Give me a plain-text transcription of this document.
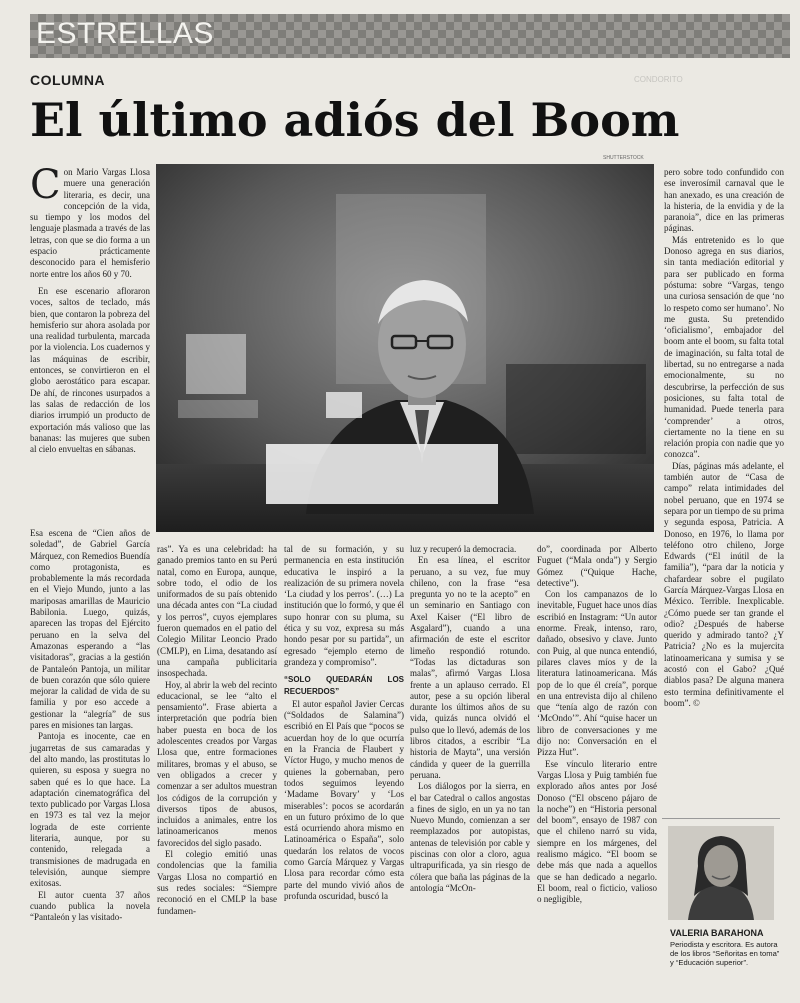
ESTRELLAS
COLUMNA
El último adiós del Boom
CONDORITO
SHUTTERSTOCK

Con Mario Vargas Llosa muere una generación literaria, es decir, una concepción de la vida, su tiempo y los modos del lenguaje plasmada a través de las letras, con que se dio forma a un espacio prácticamente desconocido para el hemisferio norte entre los años 60 y 70.

En ese escenario afloraron voces, saltos de teclado, más bien, que contaron la pobreza del hemisferio sur ahora asolada por una realidad turbulenta, marcada por la violencia. Los cuadernos y las máquinas de escribir, entonces, se convirtieron en el globo aerostático para escapar. De ahí, de rincones usurpados a las salas de redacción de los diarios irrumpió un producto de exportación más valioso que las bananas: las mujeres que suben al cielo envueltas en sábanas.

Esa escena de “Cien años de soledad”, de Gabriel García Márquez, con Remedios Buendía como protagonista, es probablemente la más recordada en el Viejo Mundo, junto a las mariposas amarillas de Mauricio Babilonia. Luego, quizás, aparecen las tropas del Ejército peruano en la selva del Amazonas esperando a “las visitadoras”, gracias a la gestión de Pantaleón Pantoja, un militar de buen corazón que sólo quiere mejorar la calidad de vida de su familia y por eso accede a gestionar la “alegría” de sus pares en misiones tan largas.

Pantoja es inocente, cae en jugarretas de sus camaradas y del alto mando, las prostitutas lo quieren, su esposa y suegra no saben qué es lo que hace. La adaptación cinematográfica del texto publicado por Vargas Llosa en 1973 es tal vez la mejor lograda de este corriente literaria, aunque, por su contenido, relegada a transmisiones de madrugada en televisión, aunque siempre exitosas.

El autor cuenta 37 años cuando publica la novela “Pantaleón y las visitado-

ras”. Ya es una celebridad: ha ganado premios tanto en su Perú natal, como en Europa, aunque, sobre todo, el odio de los uniformados de su país obtenido una década antes con “La ciudad y los perros”, cuyos ejemplares fueron quemados en el patio del Colegio Militar Leoncio Prado (CMLP), en Lima, desatando así una campaña publicitaria insospechada.

Hoy, al abrir la web del recinto educacional, se lee “alto el pensamiento”. Frase abierta a interpretación que podría bien haber puesta en boca de los adolescentes creados por Vargas Llosa que, entre formaciones militares, bromas y el abuso, se ven obligados a crecer y comenzar a ser adultos muestran los códigos de la corrupción y diversos tipos de abusos, incluidos a animales, entre los latinoamericanos menos favorecidos del siglo pasado.

El colegio emitió unas condolencias que la familia Vargas Llosa no compartió en sus redes sociales: “Siempre reconoció en el CMLP la base fundamen-

tal de su formación, y su permanencia en esta institución educativa le inspiró a la realización de su primera novela ‘La ciudad y los perros’. (…) La institución que lo formó, y que él supo honrar con su pluma, su ética y su voz, expresa su más hondo pesar por su partida”, un egresado “ejemplo eterno de grandeza y compromiso”.

“SOLO QUEDARÁN LOS RECUERDOS”

El autor español Javier Cercas (“Soldados de Salamina”) escribió en El País que “pocos se acuerdan hoy de lo que ocurría en la Francia de Flaubert y Víctor Hugo, y mucho menos de quienes la gobernaban, pero todos seguimos leyendo ‘Madame Bovary’ y ‘Los miserables’: pocos se acordarán en un futuro próximo de lo que está ocurriendo ahora mismo en Latinoamérica o España”, solo quedarán los relatos de vocos como García Márquez y Vargas Llosa para recordar cómo esta parte del mundo vivió años de profunda oscuridad, buscó la

luz y recuperó la democracia.

En esa línea, el escritor peruano, a su vez, fue muy chileno, con la frase “esa pregunta yo no te la acepto” en un seminario en Santiago con Axel Kaiser (“El libro de Asgalard”), cuando a una afirmación de este el escritor limeño respondió rotundo. “Todas las dictaduras son malas”, afirmó Vargas Llosa frente a un aplauso cerrado. El autor, pese a su opción liberal durante los últimos años de su vida, quizás nunca olvidó el pulso que lo llevó, además de los libros citados, a escribir “La historia de Mayta”, una versión cándida y queer de la guerrilla peruana.

Los diálogos por la sierra, en el bar Catedral o callos angostas a fines de siglo, en un ya no tan Nuevo Mundo, comienzan a ser reemplazados por autopistas, antenas de televisión por cable y piscinas con olor a cloro, agua ultrapurificada, ya sin riesgo de cólera que baña las páginas de la antología “McOn-

do”, coordinada por Alberto Fuguet (“Mala onda”) y Sergio Gómez (“Quique Hache, detective”).

Con los campanazos de lo inevitable, Fuguet hace unos días escribió en Instagram: “Un autor enorme. Freak, intenso, raro, dañado, obsesivo y clave. Junto con Puig, al que nunca entendió, pilares claves míos y de la literatura latinoamericana. Más pop de lo que él creía”, porque en una entrevista dijo al chileno que “tenía algo de razón con ‘McOndo’”. Ahí “quise hacer un libro de conversaciones y me dijo no: Conversación en el Pizza Hut”.

Ese vínculo literario entre Vargas Llosa y Puig también fue explorado años antes por José Donoso (“El obsceno pájaro de la noche”) en “Historia personal del boom”, ensayo de 1987 con que el chileno narró su vida, siempre en los márgenes, del realismo mágico. “El boom se debe más que nada a aquellos que se han dedicado a negarlo. El boom, real o ficticio, valioso o negligible,

pero sobre todo confundido con ese inverosímil carnaval que le han anexado, es una creación de la histeria, de la envidia y de la paranoia”, dice en las primeras páginas.

Más entretenido es lo que Donoso agrega en sus diarios, sin tanta mediación editorial y para ser publicado en forma póstuma: sobre “Vargas, tengo una curiosa sensación de que ‘no lo respeto como ser humano’. No me gusta. Su pretendido ‘oficialismo’, embajador del boom ante el boom, su falta total de imaginación, su falta total de libertad, su no entregarse a nada emocionalmente, su no descubrirse, la perfección de sus posiciones, su falta total de humanidad. Puede tenerla para ‘comprender’ a otros, ciertamente no la tiene en su relación propia con nadie que yo conozca”.

Días, páginas más adelante, el también autor de “Casa de campo” relata intimidades del nobel peruano, que en 1974 se separa por un tiempo de su prima y segunda esposa, Patricia. A Donoso, en 1976, lo llama por teléfono otro chileno, Jorge Edwards (“El inútil de la familia”), “para dar la noticia y chafardear sobre el pugilato García Márquez-Vargas Llosa en México. Terrible. Inexplicable. ¿Cómo puede ser tan grande el odio? ¿Después de haberse querido y admirado tanto? ¿Y Patricia? ¿No es la mujercita latinoamericana y sumisa y se acostó con el Gabo? ¿Qué diablos pasa? De alguna manera esto termina definitivamente el boom”. ©

VALERIA BARAHONA

Periodista y escritora. Es autora de los libros “Señoritas en toma” y “Educación superior”.
